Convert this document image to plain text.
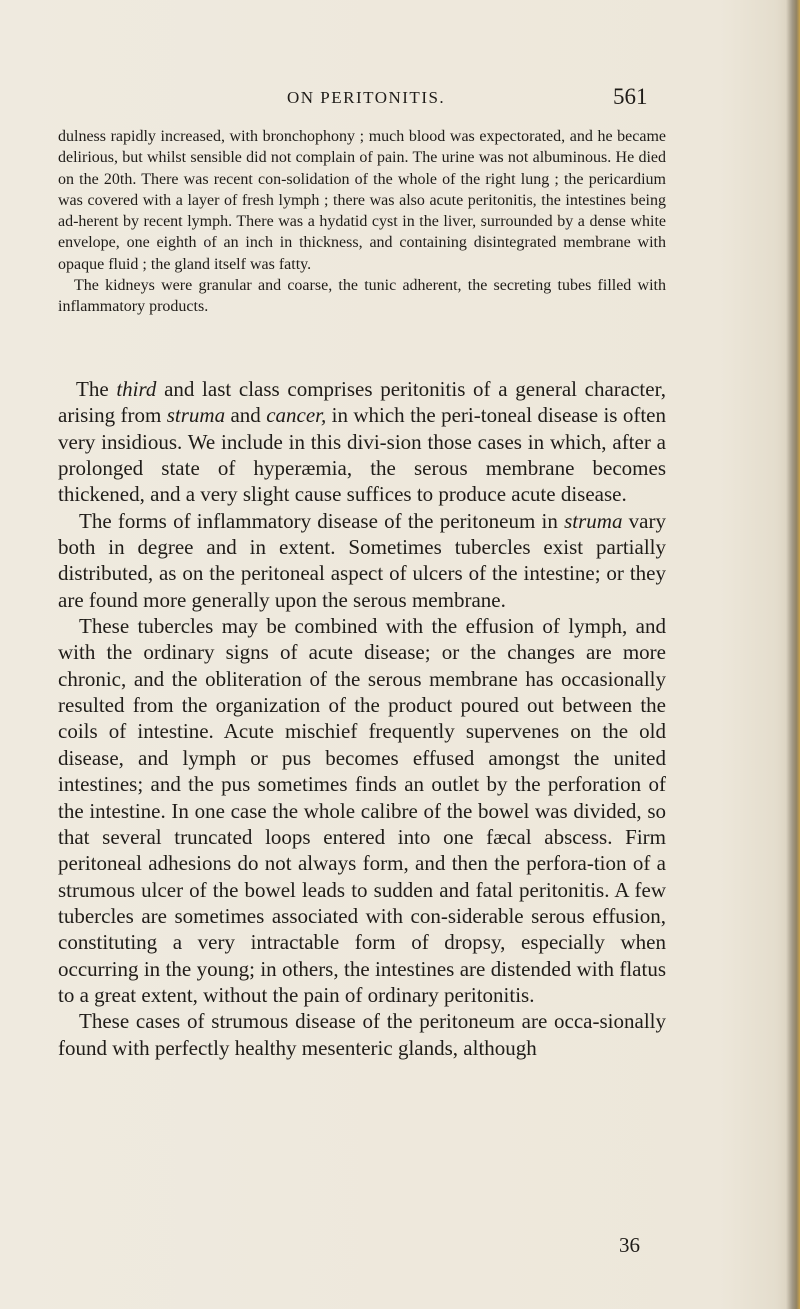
ON PERITONITIS.	561

dulness rapidly increased, with bronchophony ; much blood was expectorated, and he became delirious, but whilst sensible did not complain of pain. The urine was not albuminous. He died on the 20th. There was recent con-solidation of the whole of the right lung ; the pericardium was covered with a layer of fresh lymph ; there was also acute peritonitis, the intestines being ad-herent by recent lymph. There was a hydatid cyst in the liver, surrounded by a dense white envelope, one eighth of an inch in thickness, and containing disintegrated membrane with opaque fluid ; the gland itself was fatty.

The kidneys were granular and coarse, the tunic adherent, the secreting tubes filled with inflammatory products.

The third and last class comprises peritonitis of a general character, arising from struma and cancer, in which the peri-toneal disease is often very insidious. We include in this divi-sion those cases in which, after a prolonged state of hyperæmia, the serous membrane becomes thickened, and a very slight cause suffices to produce acute disease.

The forms of inflammatory disease of the peritoneum in struma vary both in degree and in extent. Sometimes tubercles exist partially distributed, as on the peritoneal aspect of ulcers of the intestine; or they are found more generally upon the serous membrane.

These tubercles may be combined with the effusion of lymph, and with the ordinary signs of acute disease; or the changes are more chronic, and the obliteration of the serous membrane has occasionally resulted from the organization of the product poured out between the coils of intestine. Acute mischief frequently supervenes on the old disease, and lymph or pus becomes effused amongst the united intestines; and the pus sometimes finds an outlet by the perforation of the intestine. In one case the whole calibre of the bowel was divided, so that several truncated loops entered into one fæcal abscess. Firm peritoneal adhesions do not always form, and then the perfora-tion of a strumous ulcer of the bowel leads to sudden and fatal peritonitis. A few tubercles are sometimes associated with con-siderable serous effusion, constituting a very intractable form of dropsy, especially when occurring in the young; in others, the intestines are distended with flatus to a great extent, without the pain of ordinary peritonitis.

These cases of strumous disease of the peritoneum are occa-sionally found with perfectly healthy mesenteric glands, although

36
